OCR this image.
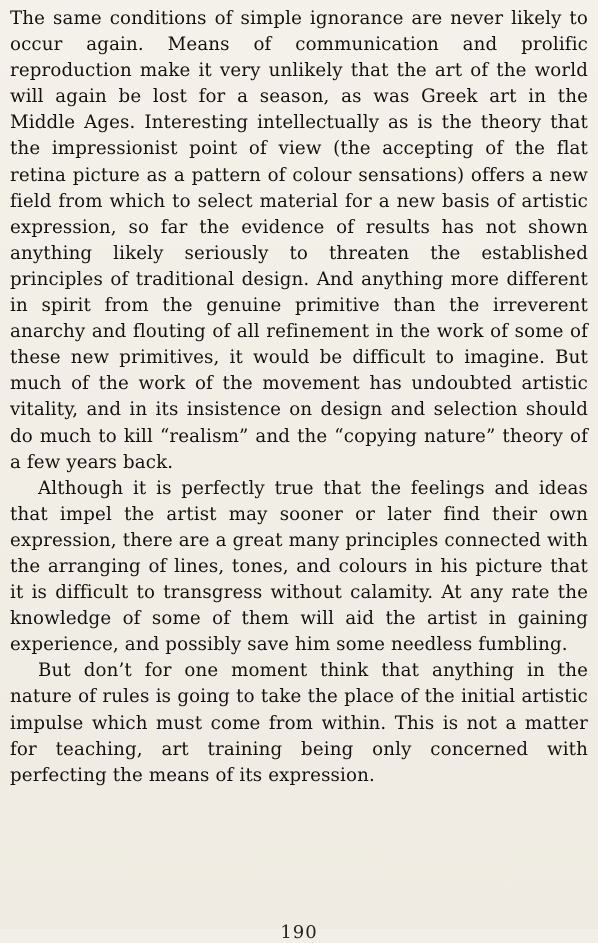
The same conditions of simple ignorance are never likely to occur again. Means of communication and prolific reproduction make it very unlikely that the art of the world will again be lost for a season, as was Greek art in the Middle Ages. Interesting intellectually as is the theory that the impressionist point of view (the accepting of the flat retina picture as a pattern of colour sensations) offers a new field from which to select material for a new basis of artistic expression, so far the evidence of results has not shown anything likely seriously to threaten the established principles of traditional design. And anything more different in spirit from the genuine primitive than the irreverent anarchy and flouting of all refinement in the work of some of these new primitives, it would be difficult to imagine. But much of the work of the movement has undoubted artistic vitality, and in its insistence on design and selection should do much to kill “realism” and the “copying nature” theory of a few years back.

Although it is perfectly true that the feelings and ideas that impel the artist may sooner or later find their own expression, there are a great many principles connected with the arranging of lines, tones, and colours in his picture that it is difficult to transgress without calamity. At any rate the knowledge of some of them will aid the artist in gaining experience, and possibly save him some needless fumbling.

But don’t for one moment think that anything in the nature of rules is going to take the place of the initial artistic impulse which must come from within. This is not a matter for teaching, art training being only concerned with perfecting the means of its expression.

190
